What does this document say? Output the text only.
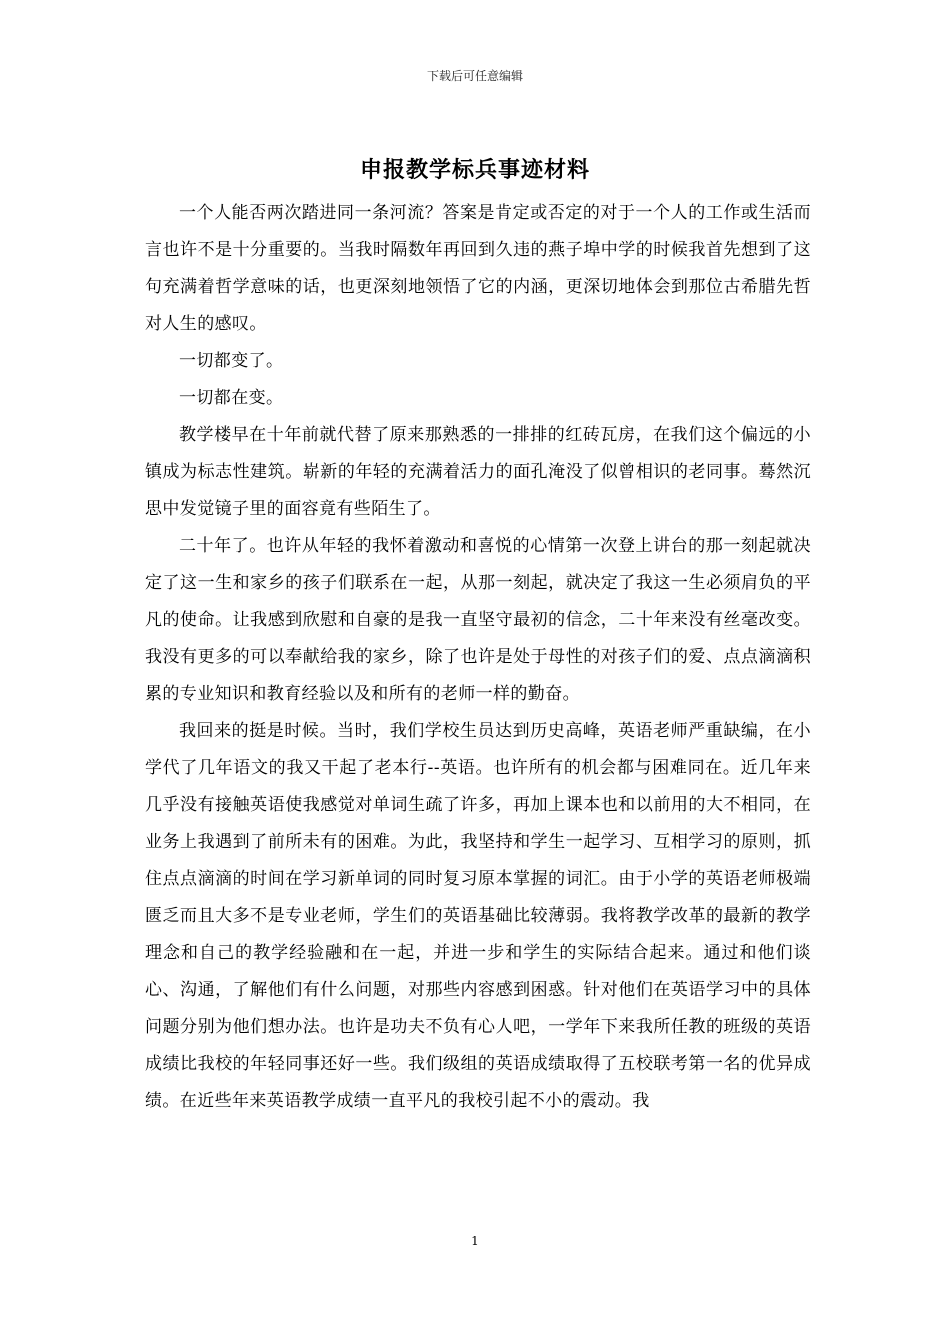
下载后可任意编辑
申报教学标兵事迹材料

一个人能否两次踏进同一条河流？答案是肯定或否定的对于一个人的工作或生活而言也许不是十分重要的。当我时隔数年再回到久违的燕子埠中学的时候我首先想到了这句充满着哲学意味的话，也更深刻地领悟了它的内涵，更深切地体会到那位古希腊先哲对人生的感叹。

一切都变了。

一切都在变。

教学楼早在十年前就代替了原来那熟悉的一排排的红砖瓦房，在我们这个偏远的小镇成为标志性建筑。崭新的年轻的充满着活力的面孔淹没了似曾相识的老同事。蓦然沉思中发觉镜子里的面容竟有些陌生了。

二十年了。也许从年轻的我怀着激动和喜悦的心情第一次登上讲台的那一刻起就决定了这一生和家乡的孩子们联系在一起，从那一刻起，就决定了我这一生必须肩负的平凡的使命。让我感到欣慰和自豪的是我一直坚守最初的信念，二十年来没有丝毫改变。我没有更多的可以奉献给我的家乡，除了也许是处于母性的对孩子们的爱、点点滴滴积累的专业知识和教育经验以及和所有的老师一样的勤奋。

我回来的挺是时候。当时，我们学校生员达到历史高峰，英语老师严重缺编，在小学代了几年语文的我又干起了老本行--英语。也许所有的机会都与困难同在。近几年来几乎没有接触英语使我感觉对单词生疏了许多，再加上课本也和以前用的大不相同，在业务上我遇到了前所未有的困难。为此，我坚持和学生一起学习、互相学习的原则，抓住点点滴滴的时间在学习新单词的同时复习原本掌握的词汇。由于小学的英语老师极端匮乏而且大多不是专业老师，学生们的英语基础比较薄弱。我将教学改革的最新的教学理念和自己的教学经验融和在一起，并进一步和学生的实际结合起来。通过和他们谈心、沟通，了解他们有什么问题，对那些内容感到困惑。针对他们在英语学习中的具体问题分别为他们想办法。也许是功夫不负有心人吧，一学年下来我所任教的班级的英语成绩比我校的年轻同事还好一些。我们级组的英语成绩取得了五校联考第一名的优异成绩。在近些年来英语教学成绩一直平凡的我校引起不小的震动。我

1
